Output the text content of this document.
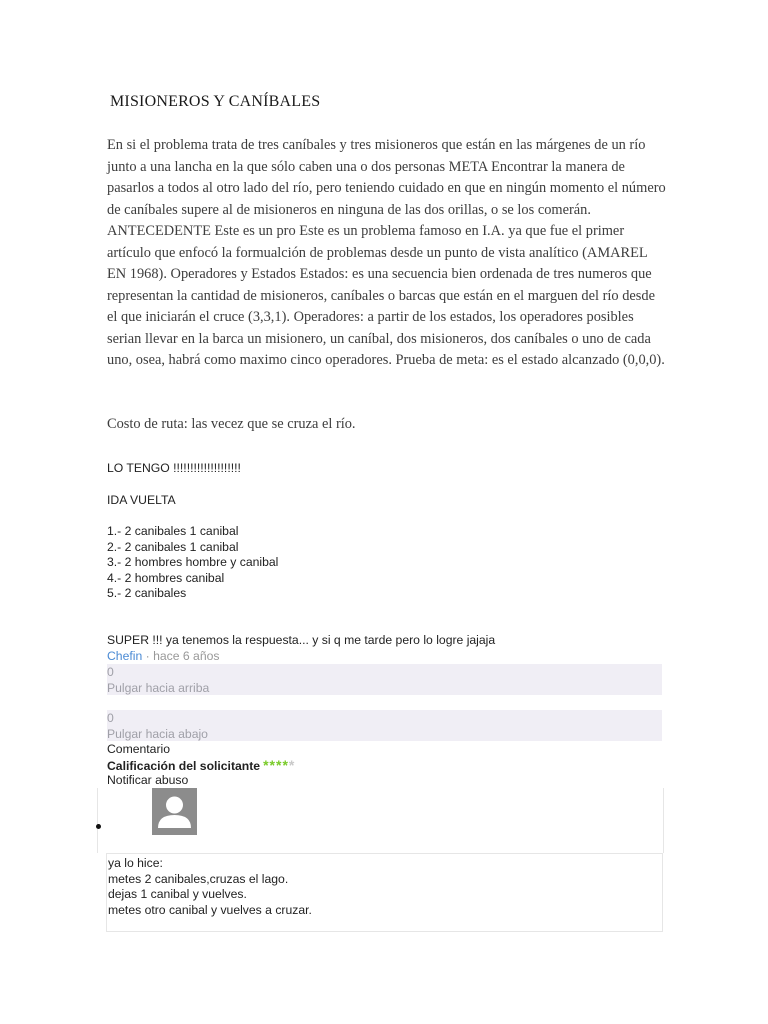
MISIONEROS Y CANÍBALES

En si el problema trata de tres caníbales y tres misioneros que están en las márgenes de un río junto a una lancha en la que sólo caben una o dos personas META Encontrar la manera de pasarlos a todos al otro lado del río, pero teniendo cuidado en que en ningún momento el número de caníbales supere al de misioneros en ninguna de las dos orillas, o se los comerán. ANTECEDENTE Este es un pro Este es un problema famoso en I.A. ya que fue el primer artículo que enfocó la formualción de problemas desde un punto de vista analítico (AMAREL EN 1968). Operadores y Estados Estados: es una secuencia bien ordenada de tres numeros que representan la cantidad de misioneros, caníbales o barcas que están en el marguen del río desde el que iniciarán el cruce (3,3,1). Operadores: a partir de los estados, los operadores posibles serian llevar en la barca un misionero, un caníbal, dos misioneros, dos caníbales o uno de cada uno, osea, habrá como maximo cinco operadores. Prueba de meta: es el estado alcanzado (0,0,0).

Costo de ruta: las vecez que se cruza el río.

LO TENGO !!!!!!!!!!!!!!!!!!!!

IDA VUELTA

1.- 2 canibales 1 canibal
2.- 2 canibales 1 canibal
3.- 2 hombres hombre y canibal
4.- 2 hombres canibal
5.- 2 canibales

SUPER !!! ya tenemos la respuesta... y si q me tarde pero lo logre jajaja

Chefin · hace 6 años

0
Pulgar hacia arriba
0
Pulgar hacia abajo

Comentario

Calificación del solicitante *****

Notificar abuso

ya lo hice:
metes 2 canibales,cruzas el lago.
dejas 1 canibal y vuelves.
metes otro canibal y vuelves a cruzar.
